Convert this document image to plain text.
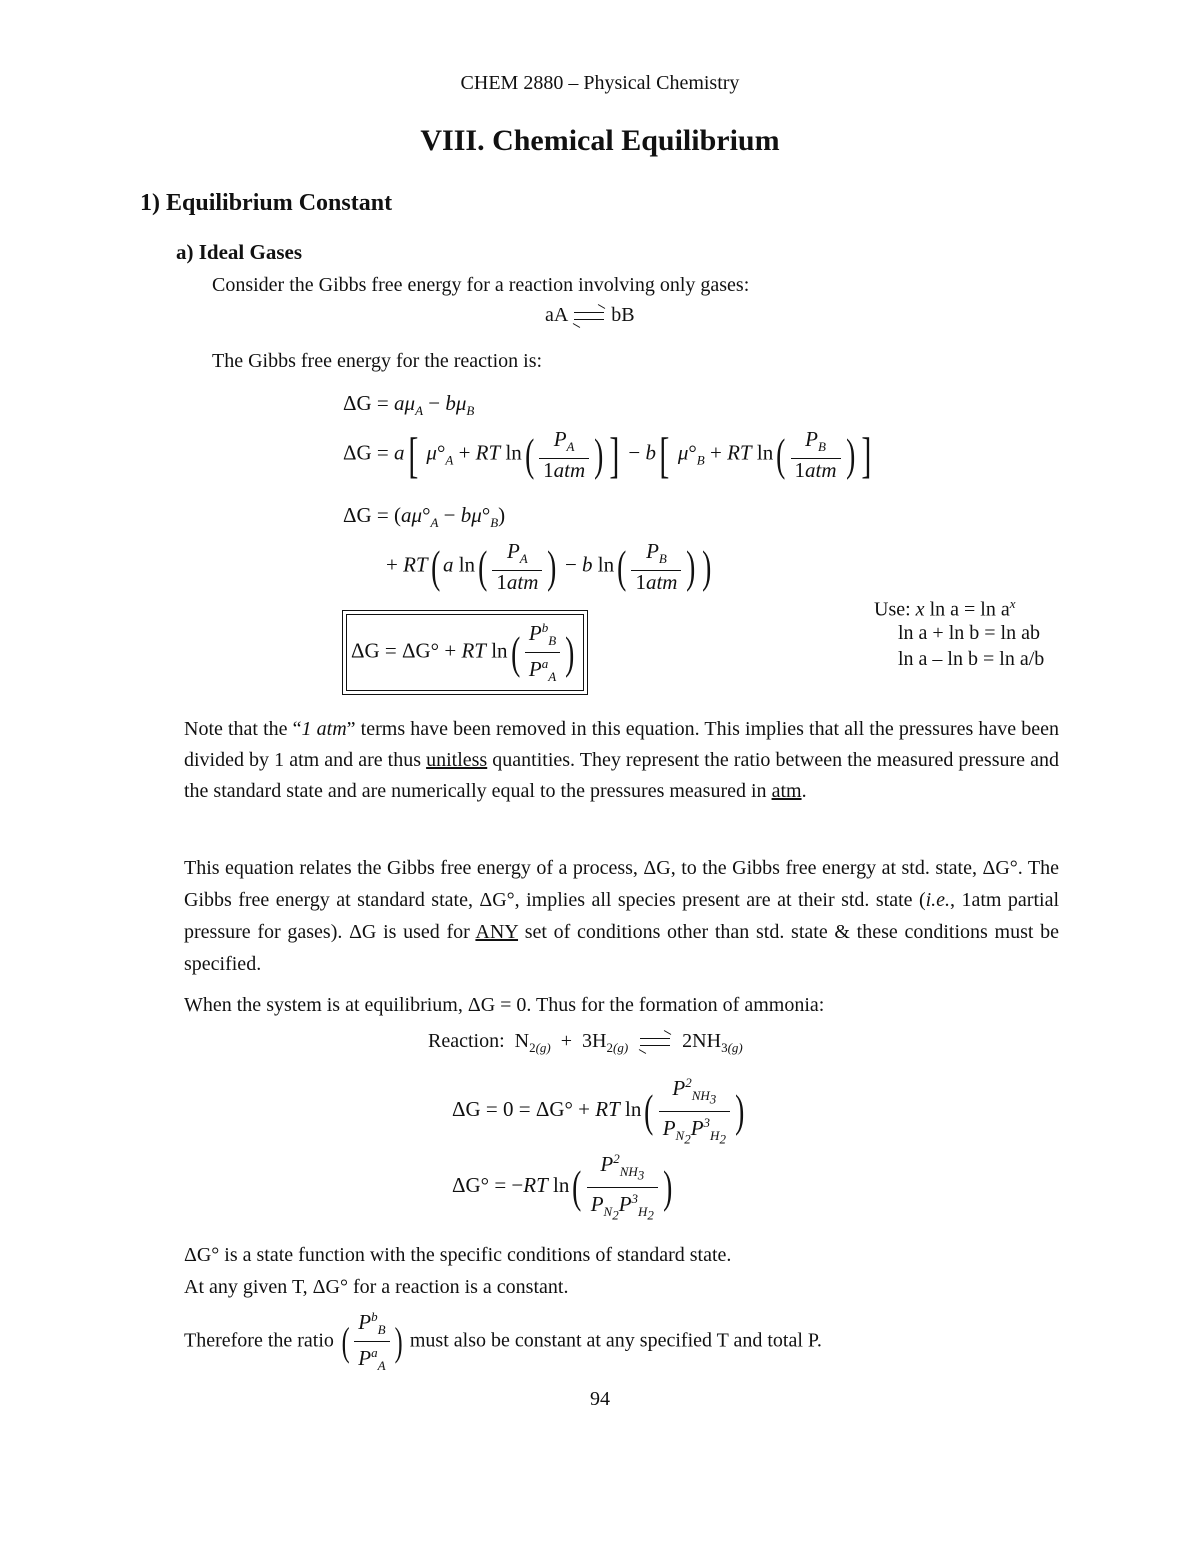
CHEM 2880 – Physical Chemistry
VIII. Chemical Equilibrium
1) Equilibrium Constant
a) Ideal Gases
Consider the Gibbs free energy for a reaction involving only gases:
aA bB
The Gibbs free energy for the reaction is:
$\Delta G = a\mu_A - b\mu_B$
ΔG = a[ $\mu^\circ_A$ + RT $\ln( \frac{P_A}{\text{1atm}}$ ) ] − b[ $\mu^\circ_B$ + RT $\ln( \frac{P_B}{\text{1atm}}$ ) ]
$\Delta G = (a\mu^\circ_A - b\mu^\circ_B)$
+ RT( a $\ln( \frac{P_A}{\text{1atm}}$ ) − b $\ln( \frac{P_B}{\text{1atm}}$ ) )
ΔG = ΔG° + RT $\ln( \frac{P^b_B}{P^a_A}$ )
Use: x $\ln a = \ln a^x$
ln a + ln b = ln ab
ln a – ln b = ln a/b
Note that the “1 atm” terms have been removed in this equation. This implies that all the pressures have been divided by 1 atm and are thus unitless quantities. They represent the ratio between the measured pressure and the standard state and are numerically equal to the pressures measured in atm.
This equation relates the Gibbs free energy of a process, ΔG, to the Gibbs free energy at std. state, ΔG°. The Gibbs free energy at standard state, ΔG°, implies all species present are at their std. state (i.e., 1atm partial pressure for gases). ΔG is used for ANY set of conditions other than std. state & these conditions must be specified.
When the system is at equilibrium, ΔG = 0. Thus for the formation of ammonia:
Reaction: $N_{2(g)} + 3H_{2(g)}$	$2NH_{3(g)}$
ΔG = 0 = ΔG° + RT $\ln( \frac{P^2_{NH_3}}{P_{N_2}P^3_{H_2}}$ )
ΔG° = −RT $\ln( \frac{P^2_{NH_3}}{P_{N_2}P^3_{H_2}}$ )
ΔG° is a state function with the specific conditions of standard state.
At any given T, ΔG° for a reaction is a constant.
Therefore the ratio ( $\frac{P^b_B}{P^a_A}$ ) must also be constant at any specified T and total P.
94
